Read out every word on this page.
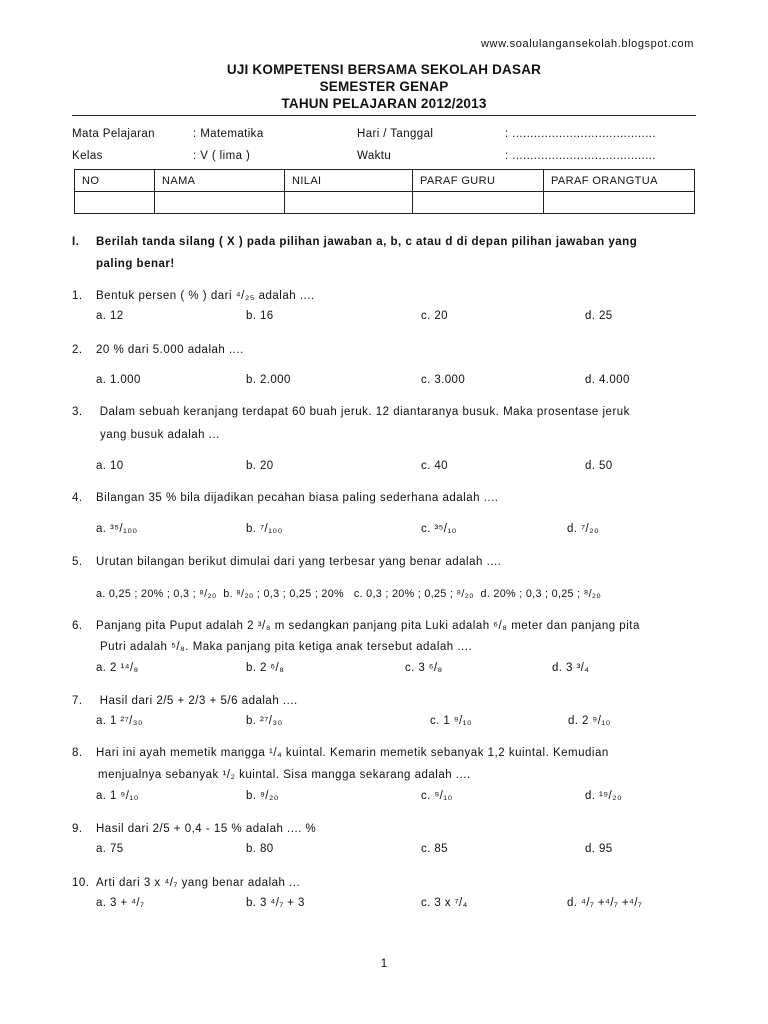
www.soalulangansekolah.blogspot.com
UJI KOMPETENSI BERSAMA SEKOLAH DASAR
SEMESTER GENAP
TAHUN PELAJARAN 2012/2013
Mata Pelajaran	: Matematika	Hari / Tanggal	: ........................................
Kelas	: V ( lima )	Waktu	: ........................................
NO	NAMA	NILAI	PARAF GURU	PARAF ORANGTUA

I. Berilah tanda silang ( X ) pada pilihan jawaban a, b, c atau d di depan pilihan jawaban yang
paling benar!
1. Bentuk persen ( % ) dari ⁴/₂₅ adalah ....
a. 12	b. 16	c. 20	d. 25
2. 20 % dari 5.000 adalah ....
a. 1.000	b. 2.000	c. 3.000	d. 4.000
3. Dalam sebuah keranjang terdapat 60 buah jeruk. 12 diantaranya busuk. Maka prosentase jeruk
yang busuk adalah ...
a. 10	b. 20	c. 40	d. 50
4. Bilangan 35 % bila dijadikan pecahan biasa paling sederhana adalah ....
a. ³⁵/₁₀₀	b. ⁷/₁₀₀	c. ³⁵/₁₀	d. ⁷/₂₀
5. Urutan bilangan berikut dimulai dari yang terbesar yang benar adalah ....
a. 0,25 ; 20% ; 0,3 ; ⁸/₂₀ b. ⁸/₂₀ ; 0,3 ; 0,25 ; 20% c. 0,3 ; 20% ; 0,25 ; ⁸/₂₀ d. 20% ; 0,3 ; 0,25 ; ⁸/₂₀
6. Panjang pita Puput adalah 2 ³/₈ m sedangkan panjang pita Luki adalah ⁶/₈ meter dan panjang pita
Putri adalah ⁵/₈. Maka panjang pita ketiga anak tersebut adalah ....
a. 2 ¹⁴/₈	b. 2 ⁶/₈	c. 3 ⁶/₈	d. 3 ³/₄
7. Hasil dari 2/5 + 2/3 + 5/6 adalah ....
a. 1 ²⁷/₃₀	b. ²⁷/₃₀	c. 1 ⁹/₁₀	d. 2 ⁹/₁₀
8. Hari ini ayah memetik mangga ¹/₄ kuintal. Kemarin memetik sebanyak 1,2 kuintal. Kemudian
menjualnya sebanyak ¹/₂ kuintal. Sisa mangga sekarang adalah ....
a. 1 ⁹/₁₀	b. ⁹/₂₀	c. ⁹/₁₀	d. ¹⁹/₂₀
9. Hasil dari 2/5 + 0,4 - 15 % adalah .... %
a. 75	b. 80	c. 85	d. 95
10. Arti dari 3 x ⁴/₇ yang benar adalah ...
a. 3 + ⁴/₇	b. 3 ⁴/₇ + 3	c. 3 x ⁷/₄	d. ⁴/₇ +⁴/₇ +⁴/₇
1
